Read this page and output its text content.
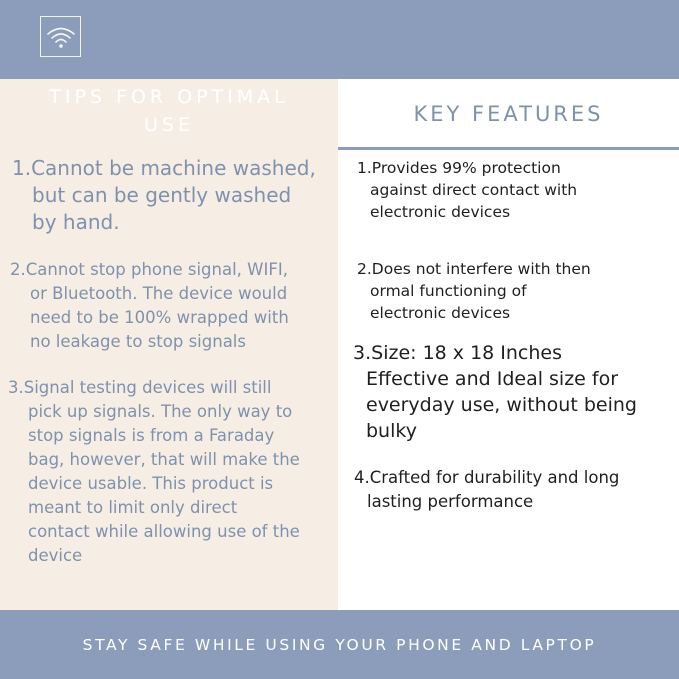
TIPS FOR OPTIMAL
USE
1.Cannot be machine washed,
but can be gently washed
by hand.
2.Cannot stop phone signal, WIFI,
or Bluetooth. The device would
need to be 100% wrapped with
no leakage to stop signals
3.Signal testing devices will still
pick up signals. The only way to
stop signals is from a Faraday
bag, however, that will make the
device usable. This product is
meant to limit only direct
contact while allowing use of the
device
KEY FEATURES
1.Provides 99% protection
against direct contact with
electronic devices
2.Does not interfere with then
ormal functioning of
electronic devices
3.Size: 18 x 18 Inches
Effective and Ideal size for
everyday use, without being
bulky
4.Crafted for durability and long
lasting performance
STAY SAFE WHILE USING YOUR PHONE AND LAPTOP
